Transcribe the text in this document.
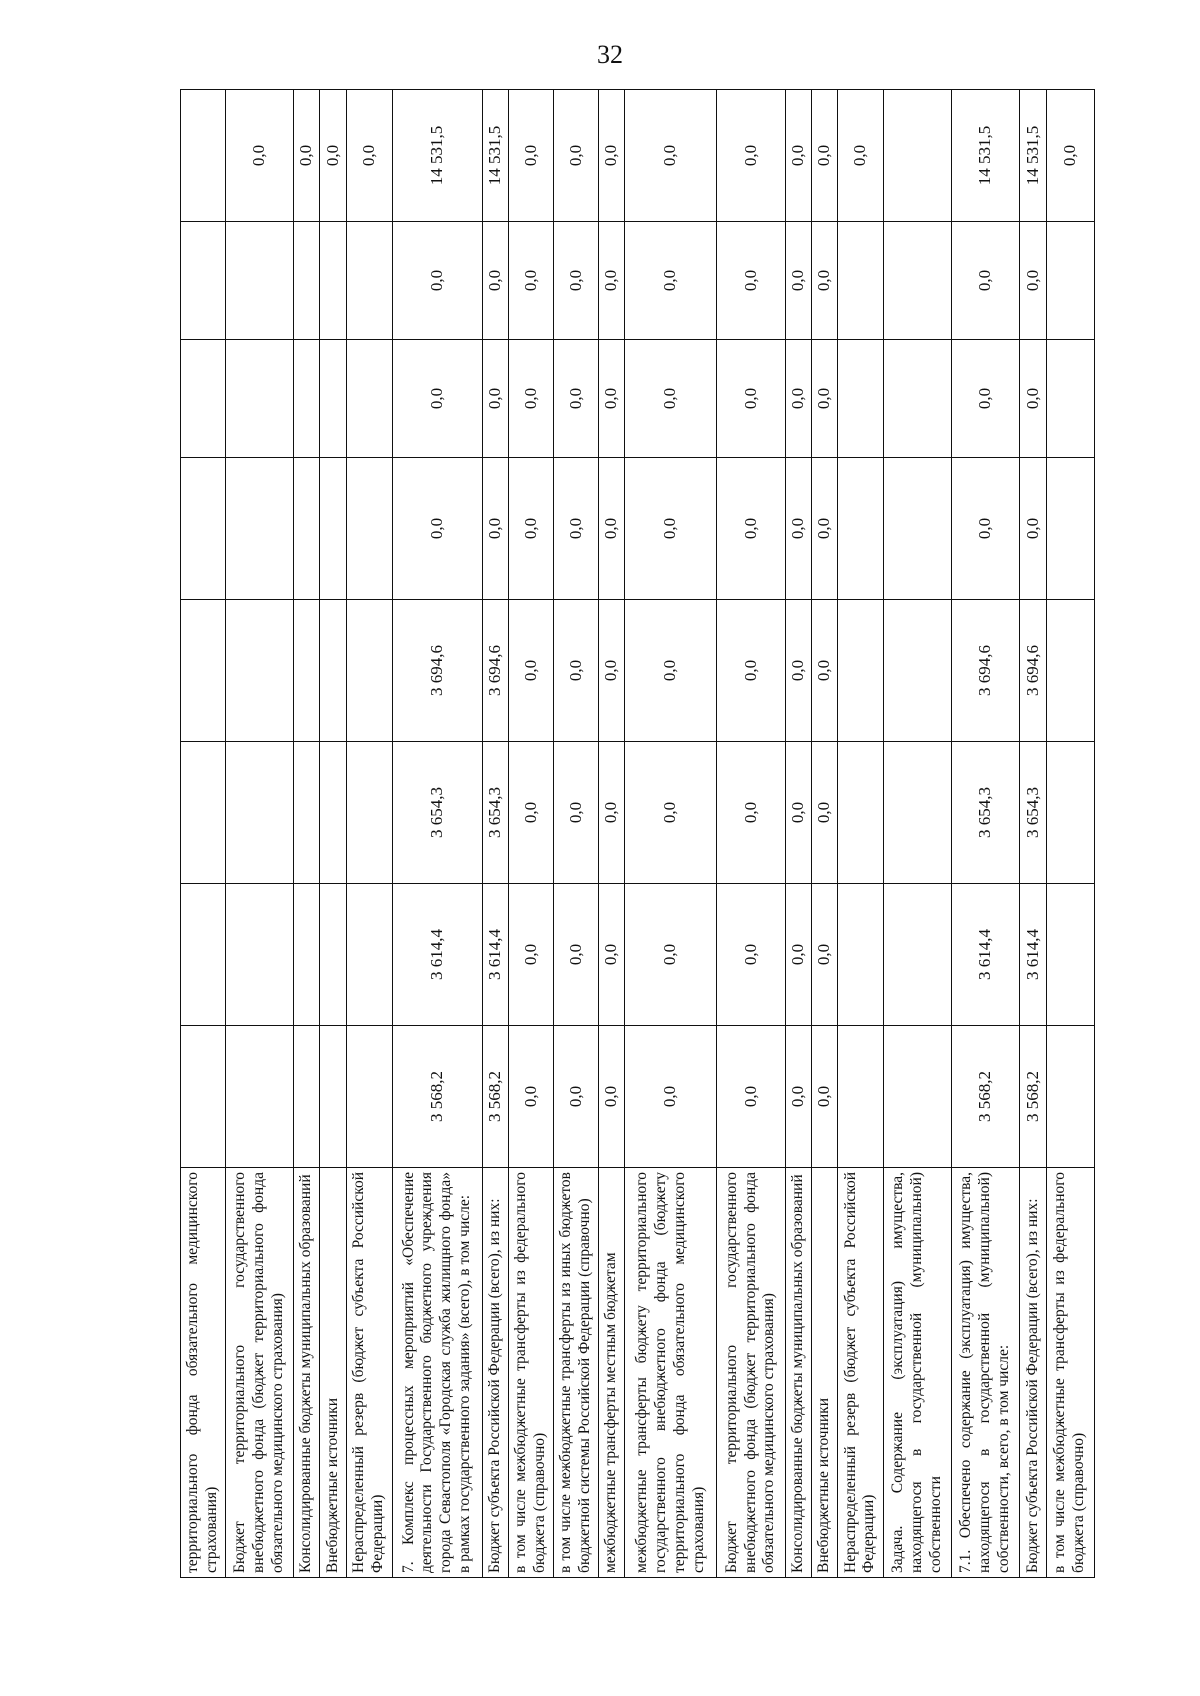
32
территориального фонда обязательного медицинского страхования)								
Бюджет территориального государственного внебюджетного фонда (бюджет территориального фонда обязательного медицинского страхования)								0,0
Консолидированные бюджеты муниципальных образований								0,0
Внебюджетные источники								0,0
Нераспределенный резерв (бюджет субъекта Российской Федерации)								0,0
7. Комплекс процессных мероприятий «Обеспечение деятельности Государственного бюджетного учреждения города Севастополя «Городская служба жилищного фонда» в рамках государственного задания» (всего), в том числе:	3 568,2	3 614,4	3 654,3	3 694,6	0,0	0,0	0,0	14 531,5
Бюджет субъекта Российской Федерации (всего), из них:	3 568,2	3 614,4	3 654,3	3 694,6	0,0	0,0	0,0	14 531,5
в том числе межбюджетные трансферты из федерального бюджета (справочно)	0,0	0,0	0,0	0,0	0,0	0,0	0,0	0,0
в том числе межбюджетные трансферты из иных бюджетов бюджетной системы Российской Федерации (справочно)	0,0	0,0	0,0	0,0	0,0	0,0	0,0	0,0
межбюджетные трансферты местным бюджетам	0,0	0,0	0,0	0,0	0,0	0,0	0,0	0,0
межбюджетные трансферты бюджету территориального государственного внебюджетного фонда (бюджету территориального фонда обязательного медицинского страхования)	0,0	0,0	0,0	0,0	0,0	0,0	0,0	0,0
Бюджет территориального государственного внебюджетного фонда (бюджет территориального фонда обязательного медицинского страхования)	0,0	0,0	0,0	0,0	0,0	0,0	0,0	0,0
Консолидированные бюджеты муниципальных образований	0,0	0,0	0,0	0,0	0,0	0,0	0,0	0,0
Внебюджетные источники	0,0	0,0	0,0	0,0	0,0	0,0	0,0	0,0
Нераспределенный резерв (бюджет субъекта Российской Федерации)								0,0
Задача. Содержание (эксплуатация) имущества, находящегося в государственной (муниципальной) собственности								
7.1. Обеспечено содержание (эксплуатация) имущества, находящегося в государственной (муниципальной) собственности, всего, в том числе:	3 568,2	3 614,4	3 654,3	3 694,6	0,0	0,0	0,0	14 531,5
Бюджет субъекта Российской Федерации (всего), из них:	3 568,2	3 614,4	3 654,3	3 694,6	0,0	0,0	0,0	14 531,5
в том числе межбюджетные трансферты из федерального бюджета (справочно)								0,0
